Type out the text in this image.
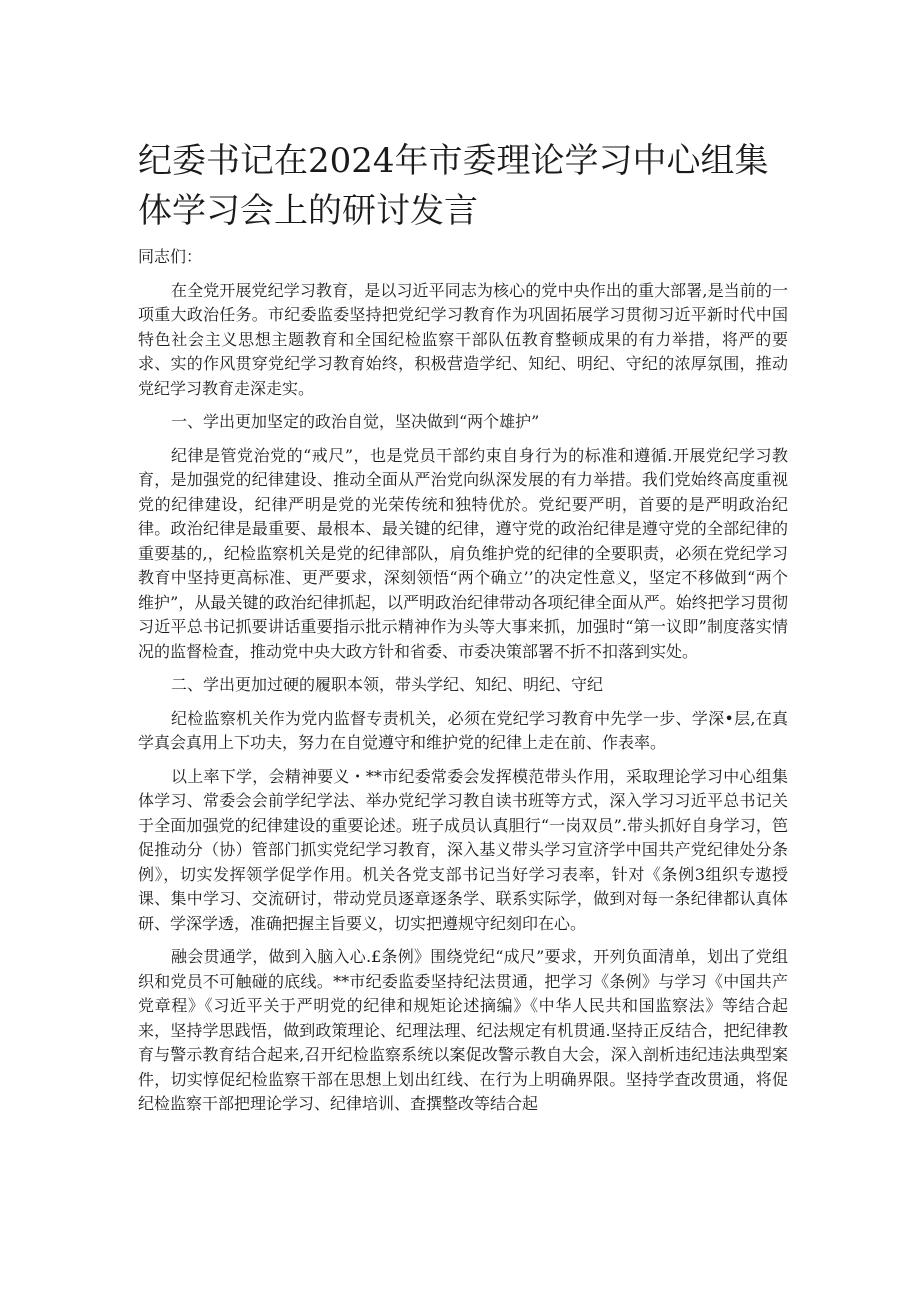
纪委书记在2024年市委理论学习中心组集体学习会上的研讨发言

同志们：

在全党开展党纪学习教育，是以习近平同志为核心的党中央作出的重大部署,是当前的一项重大政治任务。市纪委监委坚持把党纪学习教育作为巩固拓展学习贯彻习近平新时代中国特色社会主义思想主题教育和全国纪检监察干部队伍教育整顿成果的有力举措，将严的要求、实的作风贯穿党纪学习教育始终，积极营造学纪、知纪、明纪、守纪的浓厚氛围，推动党纪学习教育走深走实。

一、学出更加坚定的政治自觉，坚决做到“两个雄护”

纪律是管党治党的“戒尺”，也是党员干部约束自身行为的标准和遵循.开展党纪学习教育，是加强党的纪律建设、推动全面从严治党向纵深发展的有力举措。我们党始终高度重视党的纪律建设，纪律严明是党的光荣传统和独特优於。党纪要严明，首要的是严明政治纪律。政治纪律是最重要、最根本、最关键的纪律，遵守党的政治纪律是遵守党的全部纪律的重要基的,，纪检监察机关是党的纪律部队，肩负维护党的纪律的全要职责，必须在党纪学习教育中坚持更高标准、更严要求，深刻领悟“两个确立’’的决定性意义，坚定不移做到“两个维护”，从最关键的政治纪律抓起，以严明政治纪律带动各项纪律全面从严。始终把学习贯彻习近平总书记抓要讲话重要指示批示精神作为头等大事来抓，加强时“第一议即”制度落实情况的监督检査，推动党中央大政方针和省委、市委决策部署不折不扣落到实处。

二、学出更加过硬的履职本领，带头学纪、知纪、明纪、守纪

纪检监察机关作为党内监督专责机关，必须在党纪学习教育中先学一步、学深•层,在真学真会真用上下功夫，努力在自觉遵守和维护党的纪律上走在前、作表率。

以上率下学，会精神要义・**市纪委常委会发挥模范带头作用，采取理论学习中心组集体学习、常委会会前学纪学法、举办党纪学习教自读书班等方式，深入学习习近平总书记关于全面加强党的纪律建设的重要论述。班子成员认真胆行“一岗双员”.带头抓好自身学习，笆促推动分（协）管部门抓实党纪学习教育，深入基义带头学习宣济学中国共产党纪律处分条例》，切实发挥领学促学作用。机关各党支部书记当好学习表率，针对《条例3组织专遨授课、集中学习、交流研讨，带动党员逐章逐条学、联系实际学，做到对每一条纪律都认真体研、学深学透，准确把握主旨要义，切实把遵规守纪刻印在心。

融会贯通学，做到入脑入心.£条例》围绕党纪“成尺”要求，开列负面清单，划出了党组织和党员不可触碰的底线。**市纪委监委坚持纪法贯通，把学习《条例》与学习《中国共产党章程》《习近平关于严明党的纪律和规矩论述摘编》《中华人民共和国监察法》等结合起来，坚持学思践悟，做到政策理论、纪理法理、纪法规定有机贯通.坚持正反结合，把纪律教育与警示教育结合起来,召开纪检监察系统以案促改警示教自大会，深入剖析违纪违法典型案件，切实惇促纪检监察干部在思想上划出红线、在行为上明确界限。坚持学査改贯通，将促纪检监察干部把理论学习、纪律培训、査撰整改等结合起
